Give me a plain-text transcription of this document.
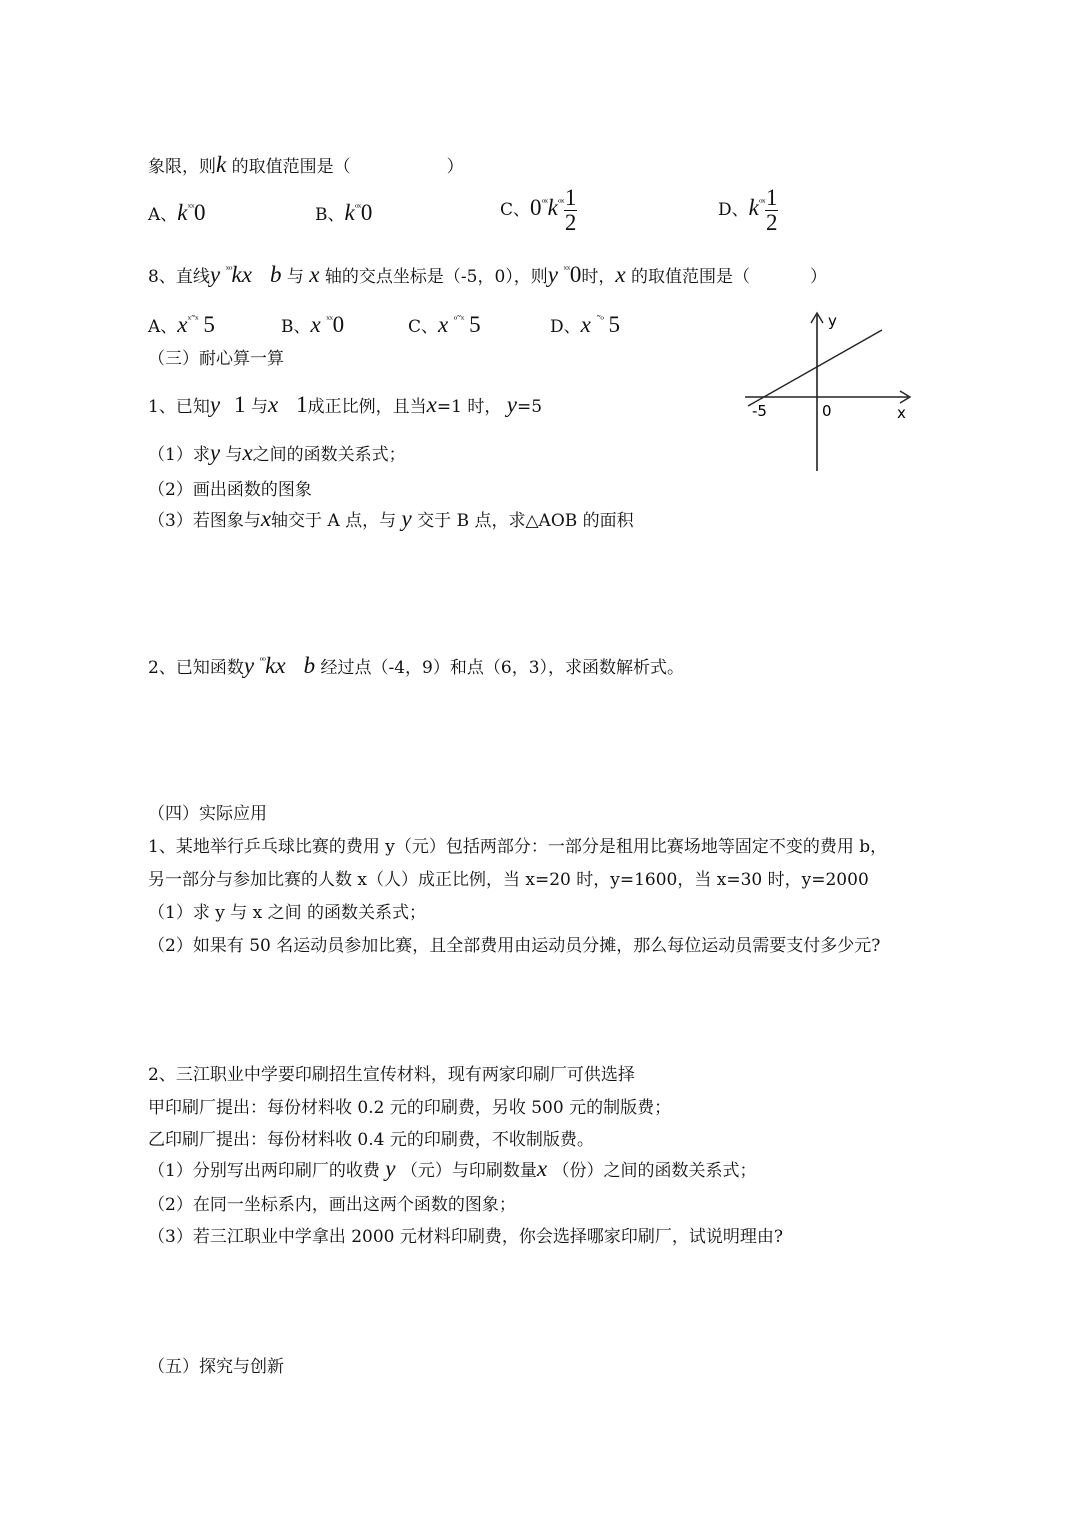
象限，则k 的取值范围是（	）
A、$k^{ˣˣ}0$	B、$k^{ᵒˣ}0$	C、$0^{ᵒˣ}k^{ᵒˣ} \frac{1}{2}$	D、$k^{ᵒˣ} \frac{1}{2}$
8、直线y $^{ˣᵒ}$kx b 与 x 轴的交点坐标是（-5，0），则y $^{ˣˣ}$0时，x 的取值范围是（	）
A、$x^{ˣ˜ˣ}$ 5	B、x $^{ˣˣ}$0	C、x $^{ᵒ˜ˣ}$ 5	D、x $^{˜ᵒ}$ 5
（三）耐心算一算
1、已知y 1 与x 1成正比例，且当x=1 时， y=5
（1）求y 与x之间的函数关系式；
（2）画出函数的图象
（3）若图象与x轴交于 A 点，与 y 交于 B 点，求△AOB 的面积
2、已知函数y $^{ᵒᵒ}$kx b 经过点（-4，9）和点（6，3），求函数解析式。
y
x
-5	0
（四）实际应用
1、某地举行乒乓球比赛的费用 y（元）包括两部分：一部分是租用比赛场地等固定不变的费用 b，
另一部分与参加比赛的人数 x（人）成正比例，当 x=20 时，y=1600，当 x=30 时，y=2000
（1）求 y 与 x 之间 的函数关系式；
（2）如果有 50 名运动员参加比赛，且全部费用由运动员分摊，那么每位运动员需要支付多少元?
2、三江职业中学要印刷招生宣传材料，现有两家印刷厂可供选择
甲印刷厂提出：每份材料收 0.2 元的印刷费，另收 500 元的制版费；
乙印刷厂提出：每份材料收 0.4 元的印刷费，不收制版费。
（1）分别写出两印刷厂的收费 y （元）与印刷数量x （份）之间的函数关系式；
（2）在同一坐标系内，画出这两个函数的图象；
（3）若三江职业中学拿出 2000 元材料印刷费，你会选择哪家印刷厂，试说明理由?
（五）探究与创新
